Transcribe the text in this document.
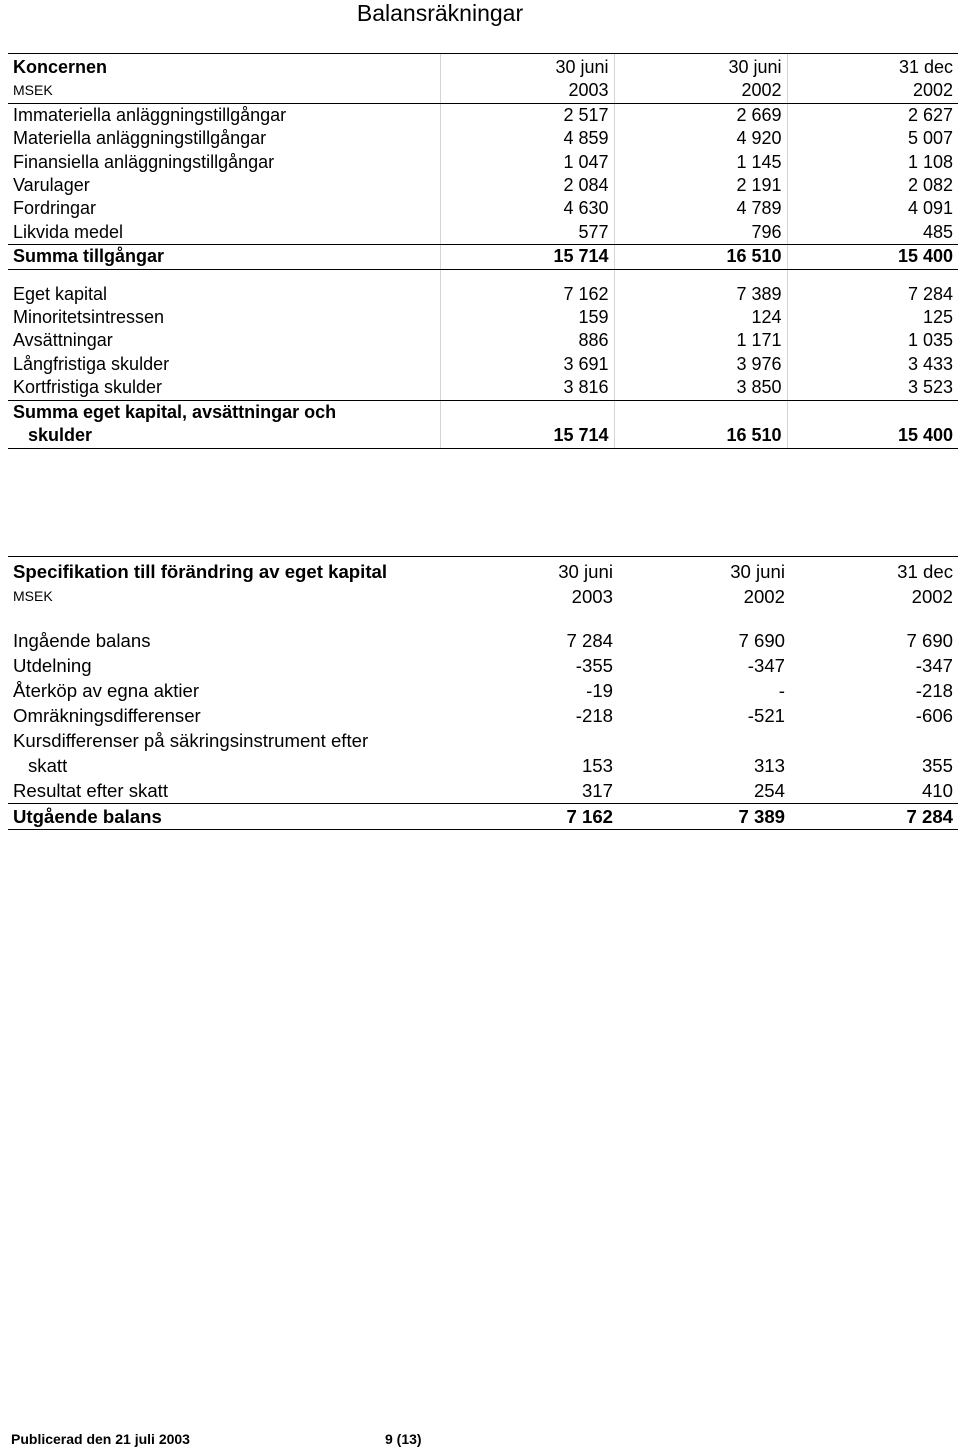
Balansräkningar
Koncernen	30 juni	30 juni	31 dec
MSEK	2003	2002	2002
Immateriella anläggningstillgångar	2 517	2 669	2 627
Materiella anläggningstillgångar	4 859	4 920	5 007
Finansiella anläggningstillgångar	1 047	1 145	1 108
Varulager	2 084	2 191	2 082
Fordringar	4 630	4 789	4 091
Likvida medel	577	796	485
Summa tillgångar	15 714	16 510	15 400

Eget kapital	7 162	7 389	7 284
Minoritetsintressen	159	124	125
Avsättningar	886	1 171	1 035
Långfristiga skulder	3 691	3 976	3 433
Kortfristiga skulder	3 816	3 850	3 523
Summa eget kapital, avsättningar och
skulder	15 714	16 510	15 400
Specifikation till förändring av eget kapital	30 juni	30 juni	31 dec
MSEK	2003	2002	2002

Ingående balans	7 284	7 690	7 690
Utdelning	-355	-347	-347
Återköp av egna aktier	-19	-	-218
Omräkningsdifferenser	-218	-521	-606
Kursdifferenser på säkringsinstrument efter
skatt	153	313	355
Resultat efter skatt	317	254	410
Utgående balans	7 162	7 389	7 284
Publicerad den 21 juli 2003	9 (13)
